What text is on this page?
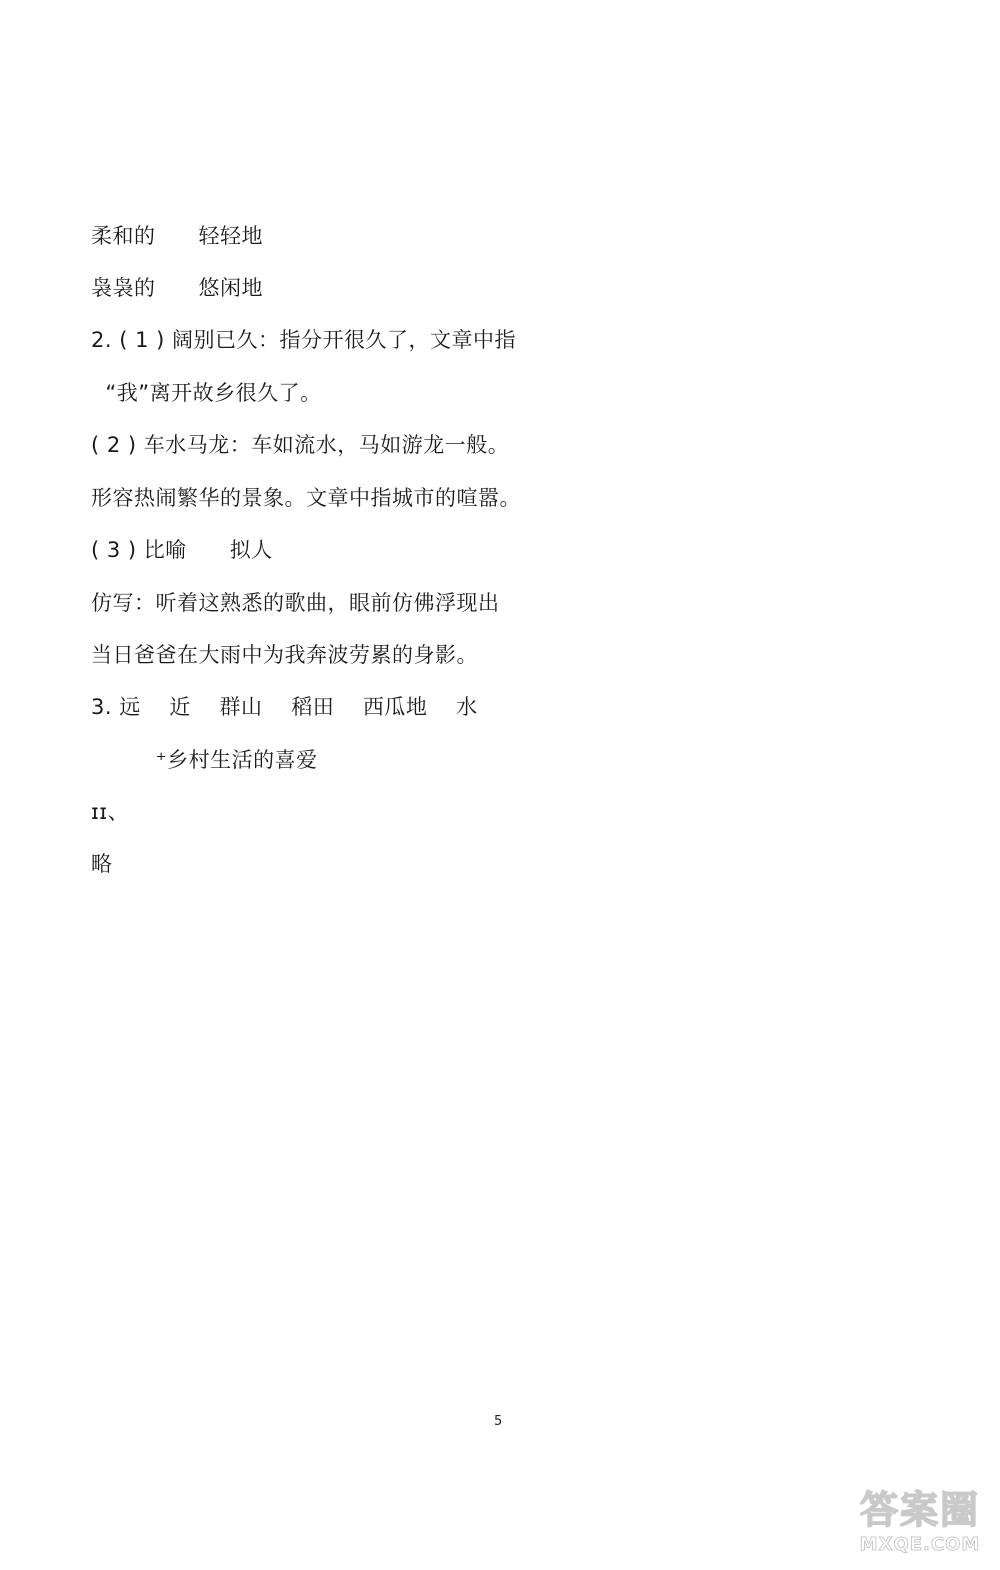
柔和的　　轻轻地
袅袅的　　悠闲地
2. ( 1 ) 阔别已久：指分开很久了，文章中指
“我”离开故乡很久了。
( 2 ) 车水马龙：车如流水，马如游龙一般。
形容热闹繁华的景象。文章中指城市的喧嚣。
( 3 ) 比喻　　拟人
仿写：听着这熟悉的歌曲，眼前仿佛浮现出
当日爸爸在大雨中为我奔波劳累的身影。
3. 远　 近　 群山　 稻田　 西瓜地　 水
⁺乡村生活的喜爱
ɪɪ、
略
5
答案圈
MXQE.COM
